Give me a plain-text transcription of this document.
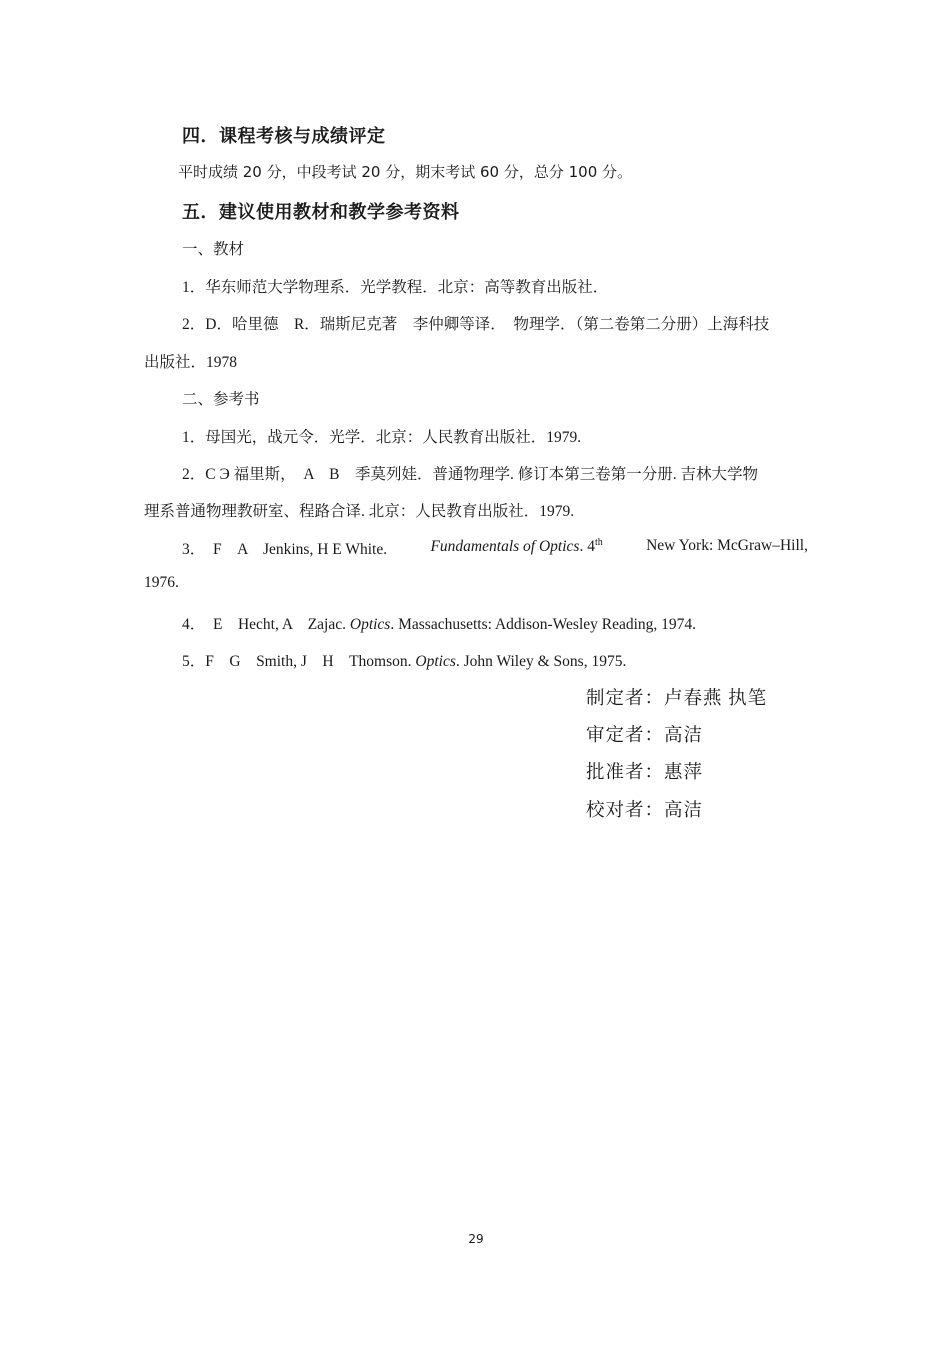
四．课程考核与成绩评定
平时成绩 20 分，中段考试 20 分，期末考试 60 分，总分 100 分。
五．建议使用教材和教学参考资料
一、教材
1．华东师范大学物理系．光学教程．北京：高等教育出版社．
2．D．哈里德　R．瑞斯尼克著　李仲卿等译．　物理学．（第二卷第二分册）上海科技
出版社．1978
二、参考书
1．母国光，战元令．光学．北京：人民教育出版社．1979.
2．C Э 福里斯，　A　B　季莫列娃．普通物理学. 修订本第三卷第一分册. 吉林大学物
理系普通物理教研室、程路合译. 北京：人民教育出版社．1979.
3．　F　A　Jenkins, H E White.	Fundamentals of Optics. 4th	New York: McGraw–Hill,
1976.
4．　E　Hecht, A　Zajac. Optics. Massachusetts: Addison-Wesley Reading, 1974.
5．F　G　Smith, J　H　Thomson. Optics. John Wiley & Sons, 1975.
制定者：卢春燕 执笔
审定者：高洁
批准者：惠萍
校对者：高洁
29
